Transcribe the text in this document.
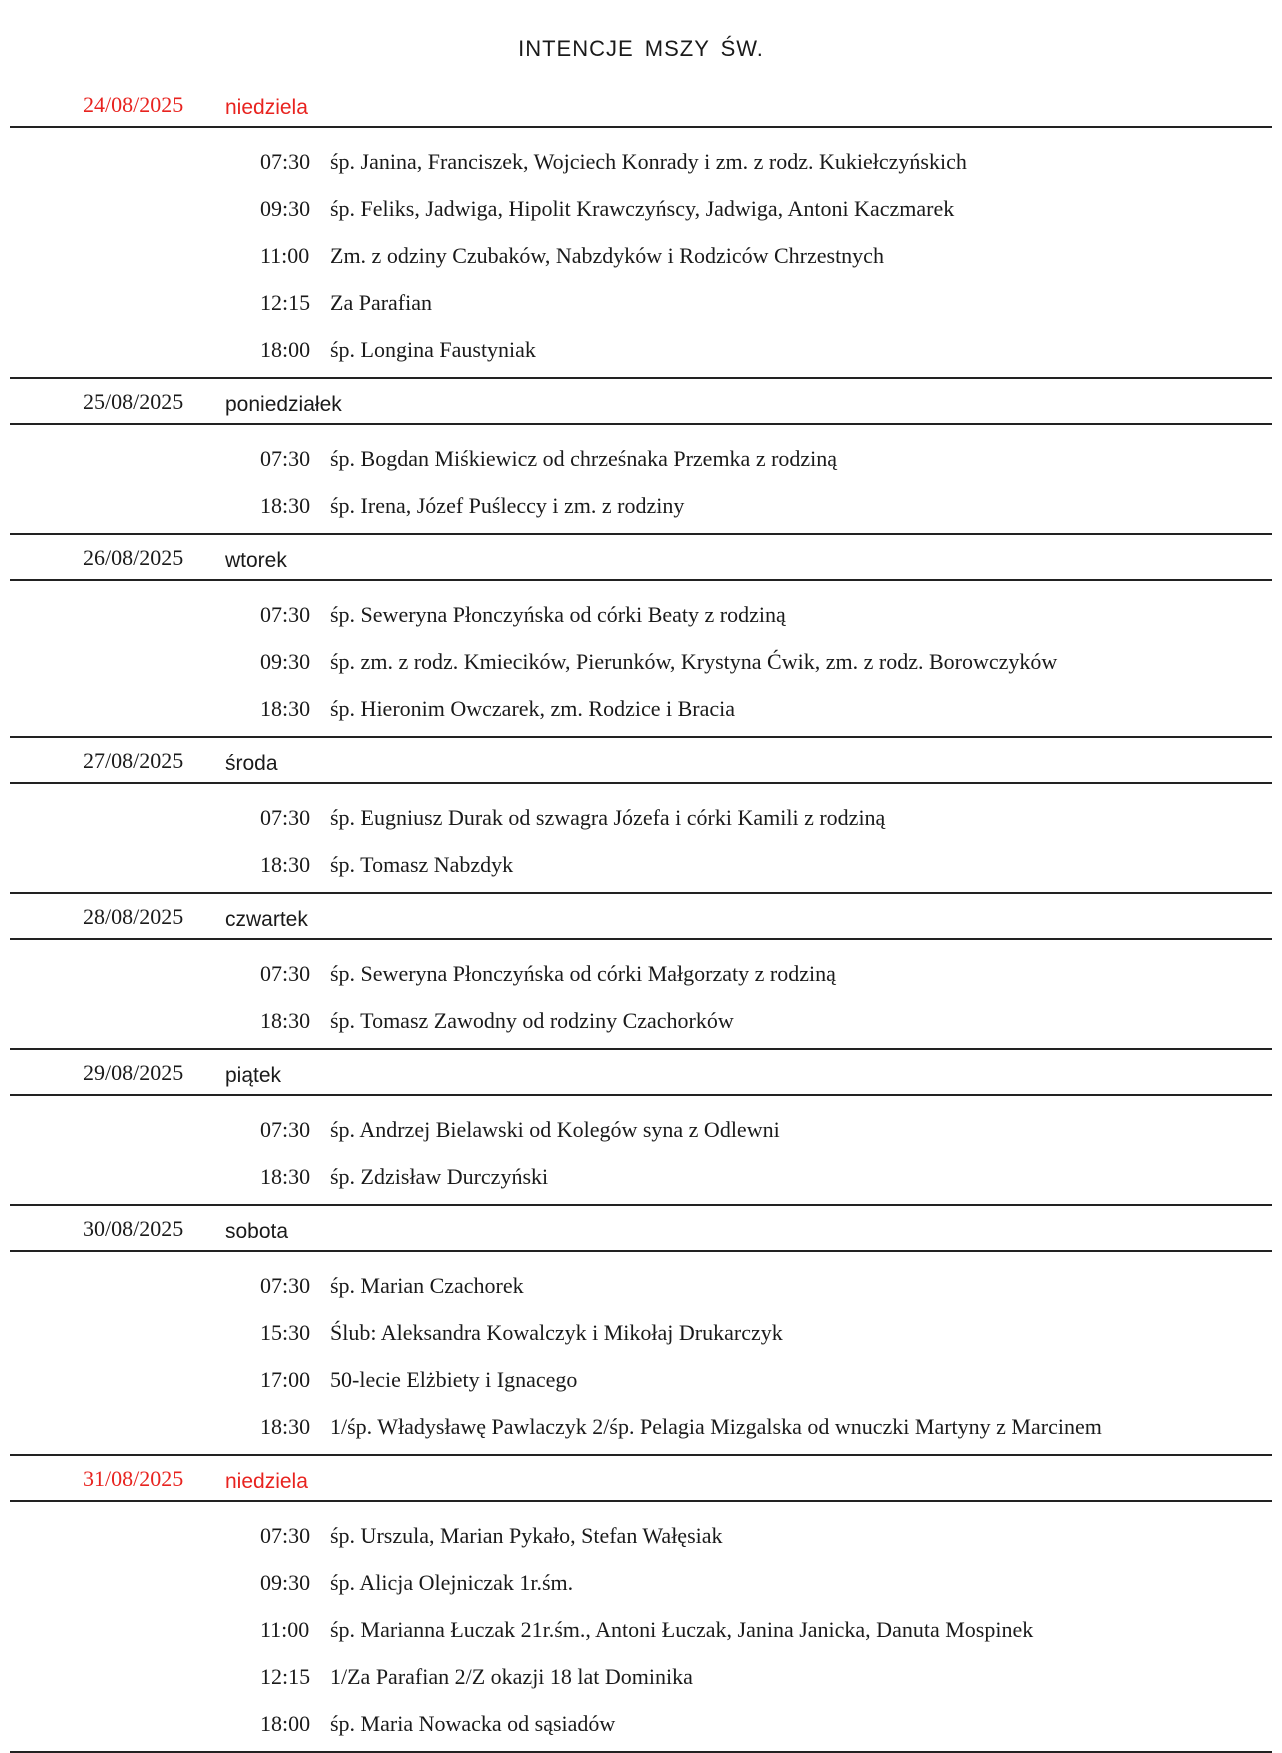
INTENCJE MSZY ŚW.
24/08/2025 niedziela
07:30 śp. Janina, Franciszek, Wojciech Konrady i zm. z rodz. Kukiełczyńskich
09:30 śp. Feliks, Jadwiga, Hipolit Krawczyńscy, Jadwiga, Antoni Kaczmarek
11:00 Zm. z odziny Czubaków, Nabzdyków i Rodziców Chrzestnych
12:15 Za Parafian
18:00 śp. Longina Faustyniak
25/08/2025 poniedziałek
07:30 śp. Bogdan Miśkiewicz od chrześnaka Przemka z rodziną
18:30 śp. Irena, Józef Puśleccy i zm. z rodziny
26/08/2025 wtorek
07:30 śp. Seweryna Płonczyńska od córki Beaty z rodziną
09:30 śp. zm. z rodz. Kmiecików, Pierunków, Krystyna Ćwik, zm. z rodz. Borowczyków
18:30 śp. Hieronim Owczarek, zm. Rodzice i Bracia
27/08/2025 środa
07:30 śp. Eugniusz Durak od szwagra Józefa i córki Kamili z rodziną
18:30 śp. Tomasz Nabzdyk
28/08/2025 czwartek
07:30 śp. Seweryna Płonczyńska od córki Małgorzaty z rodziną
18:30 śp. Tomasz Zawodny od rodziny Czachorków
29/08/2025 piątek
07:30 śp. Andrzej Bielawski od Kolegów syna z Odlewni
18:30 śp. Zdzisław Durczyński
30/08/2025 sobota
07:30 śp. Marian Czachorek
15:30 Ślub: Aleksandra Kowalczyk i Mikołaj Drukarczyk
17:00 50-lecie Elżbiety i Ignacego
18:30 1/śp. Władysławę Pawlaczyk 2/śp. Pelagia Mizgalska od wnuczki Martyny z Marcinem
31/08/2025 niedziela
07:30 śp. Urszula, Marian Pykało, Stefan Wałęsiak
09:30 śp. Alicja Olejniczak 1r.śm.
11:00 śp. Marianna Łuczak 21r.śm., Antoni Łuczak, Janina Janicka, Danuta Mospinek
12:15 1/Za Parafian 2/Z okazji 18 lat Dominika
18:00 śp. Maria Nowacka od sąsiadów
